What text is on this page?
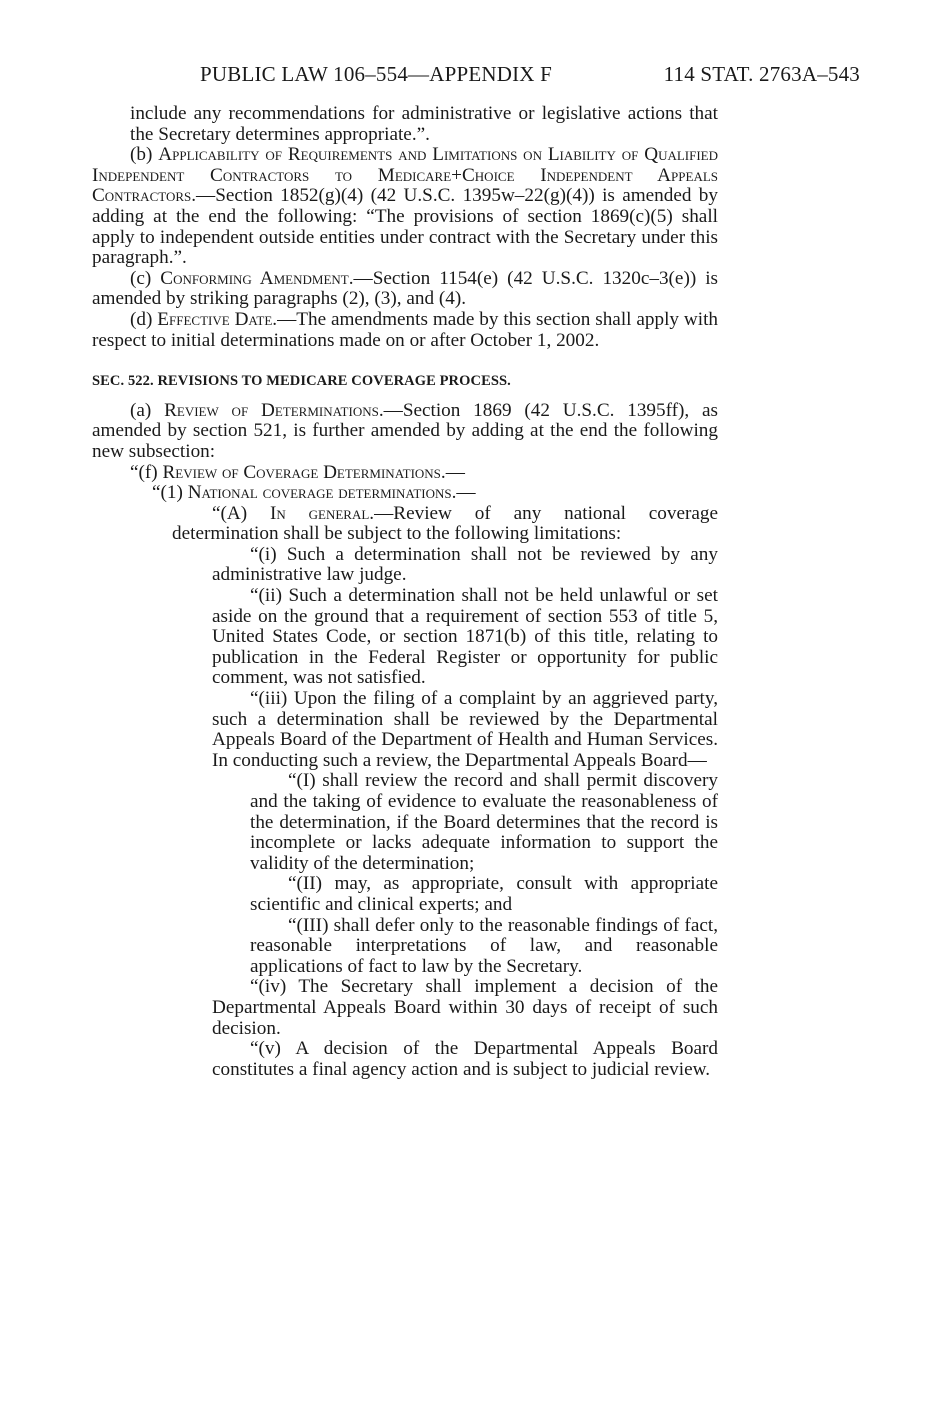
PUBLIC LAW 106–554—APPENDIX F	114 STAT. 2763A–543

include any recommendations for administrative or legislative actions that the Secretary determines appropriate.”.

(b) Applicability of Requirements and Limitations on Liability of Qualified Independent Contractors to Medicare+Choice Independent Appeals Contractors.—Section 1852(g)(4) (42 U.S.C. 1395w–22(g)(4)) is amended by adding at the end the following: “The provisions of section 1869(c)(5) shall apply to independent outside entities under contract with the Secretary under this paragraph.”.

(c) Conforming Amendment.—Section 1154(e) (42 U.S.C. 1320c–3(e)) is amended by striking paragraphs (2), (3), and (4).

(d) Effective Date.—The amendments made by this section shall apply with respect to initial determinations made on or after October 1, 2002.

SEC. 522. REVISIONS TO MEDICARE COVERAGE PROCESS.

(a) Review of Determinations.—Section 1869 (42 U.S.C. 1395ff), as amended by section 521, is further amended by adding at the end the following new subsection:

“(f) Review of Coverage Determinations.—

“(1) National coverage determinations.—

“(A) In general.—Review of any national coverage determination shall be subject to the following limitations:

“(i) Such a determination shall not be reviewed by any administrative law judge.

“(ii) Such a determination shall not be held unlawful or set aside on the ground that a requirement of section 553 of title 5, United States Code, or section 1871(b) of this title, relating to publication in the Federal Register or opportunity for public comment, was not satisfied.

“(iii) Upon the filing of a complaint by an aggrieved party, such a determination shall be reviewed by the Departmental Appeals Board of the Department of Health and Human Services. In conducting such a review, the Departmental Appeals Board—

“(I) shall review the record and shall permit discovery and the taking of evidence to evaluate the reasonableness of the determination, if the Board determines that the record is incomplete or lacks adequate information to support the validity of the determination;

“(II) may, as appropriate, consult with appropriate scientific and clinical experts; and

“(III) shall defer only to the reasonable findings of fact, reasonable interpretations of law, and reasonable applications of fact to law by the Secretary.

“(iv) The Secretary shall implement a decision of the Departmental Appeals Board within 30 days of receipt of such decision.

“(v) A decision of the Departmental Appeals Board constitutes a final agency action and is subject to judicial review.
